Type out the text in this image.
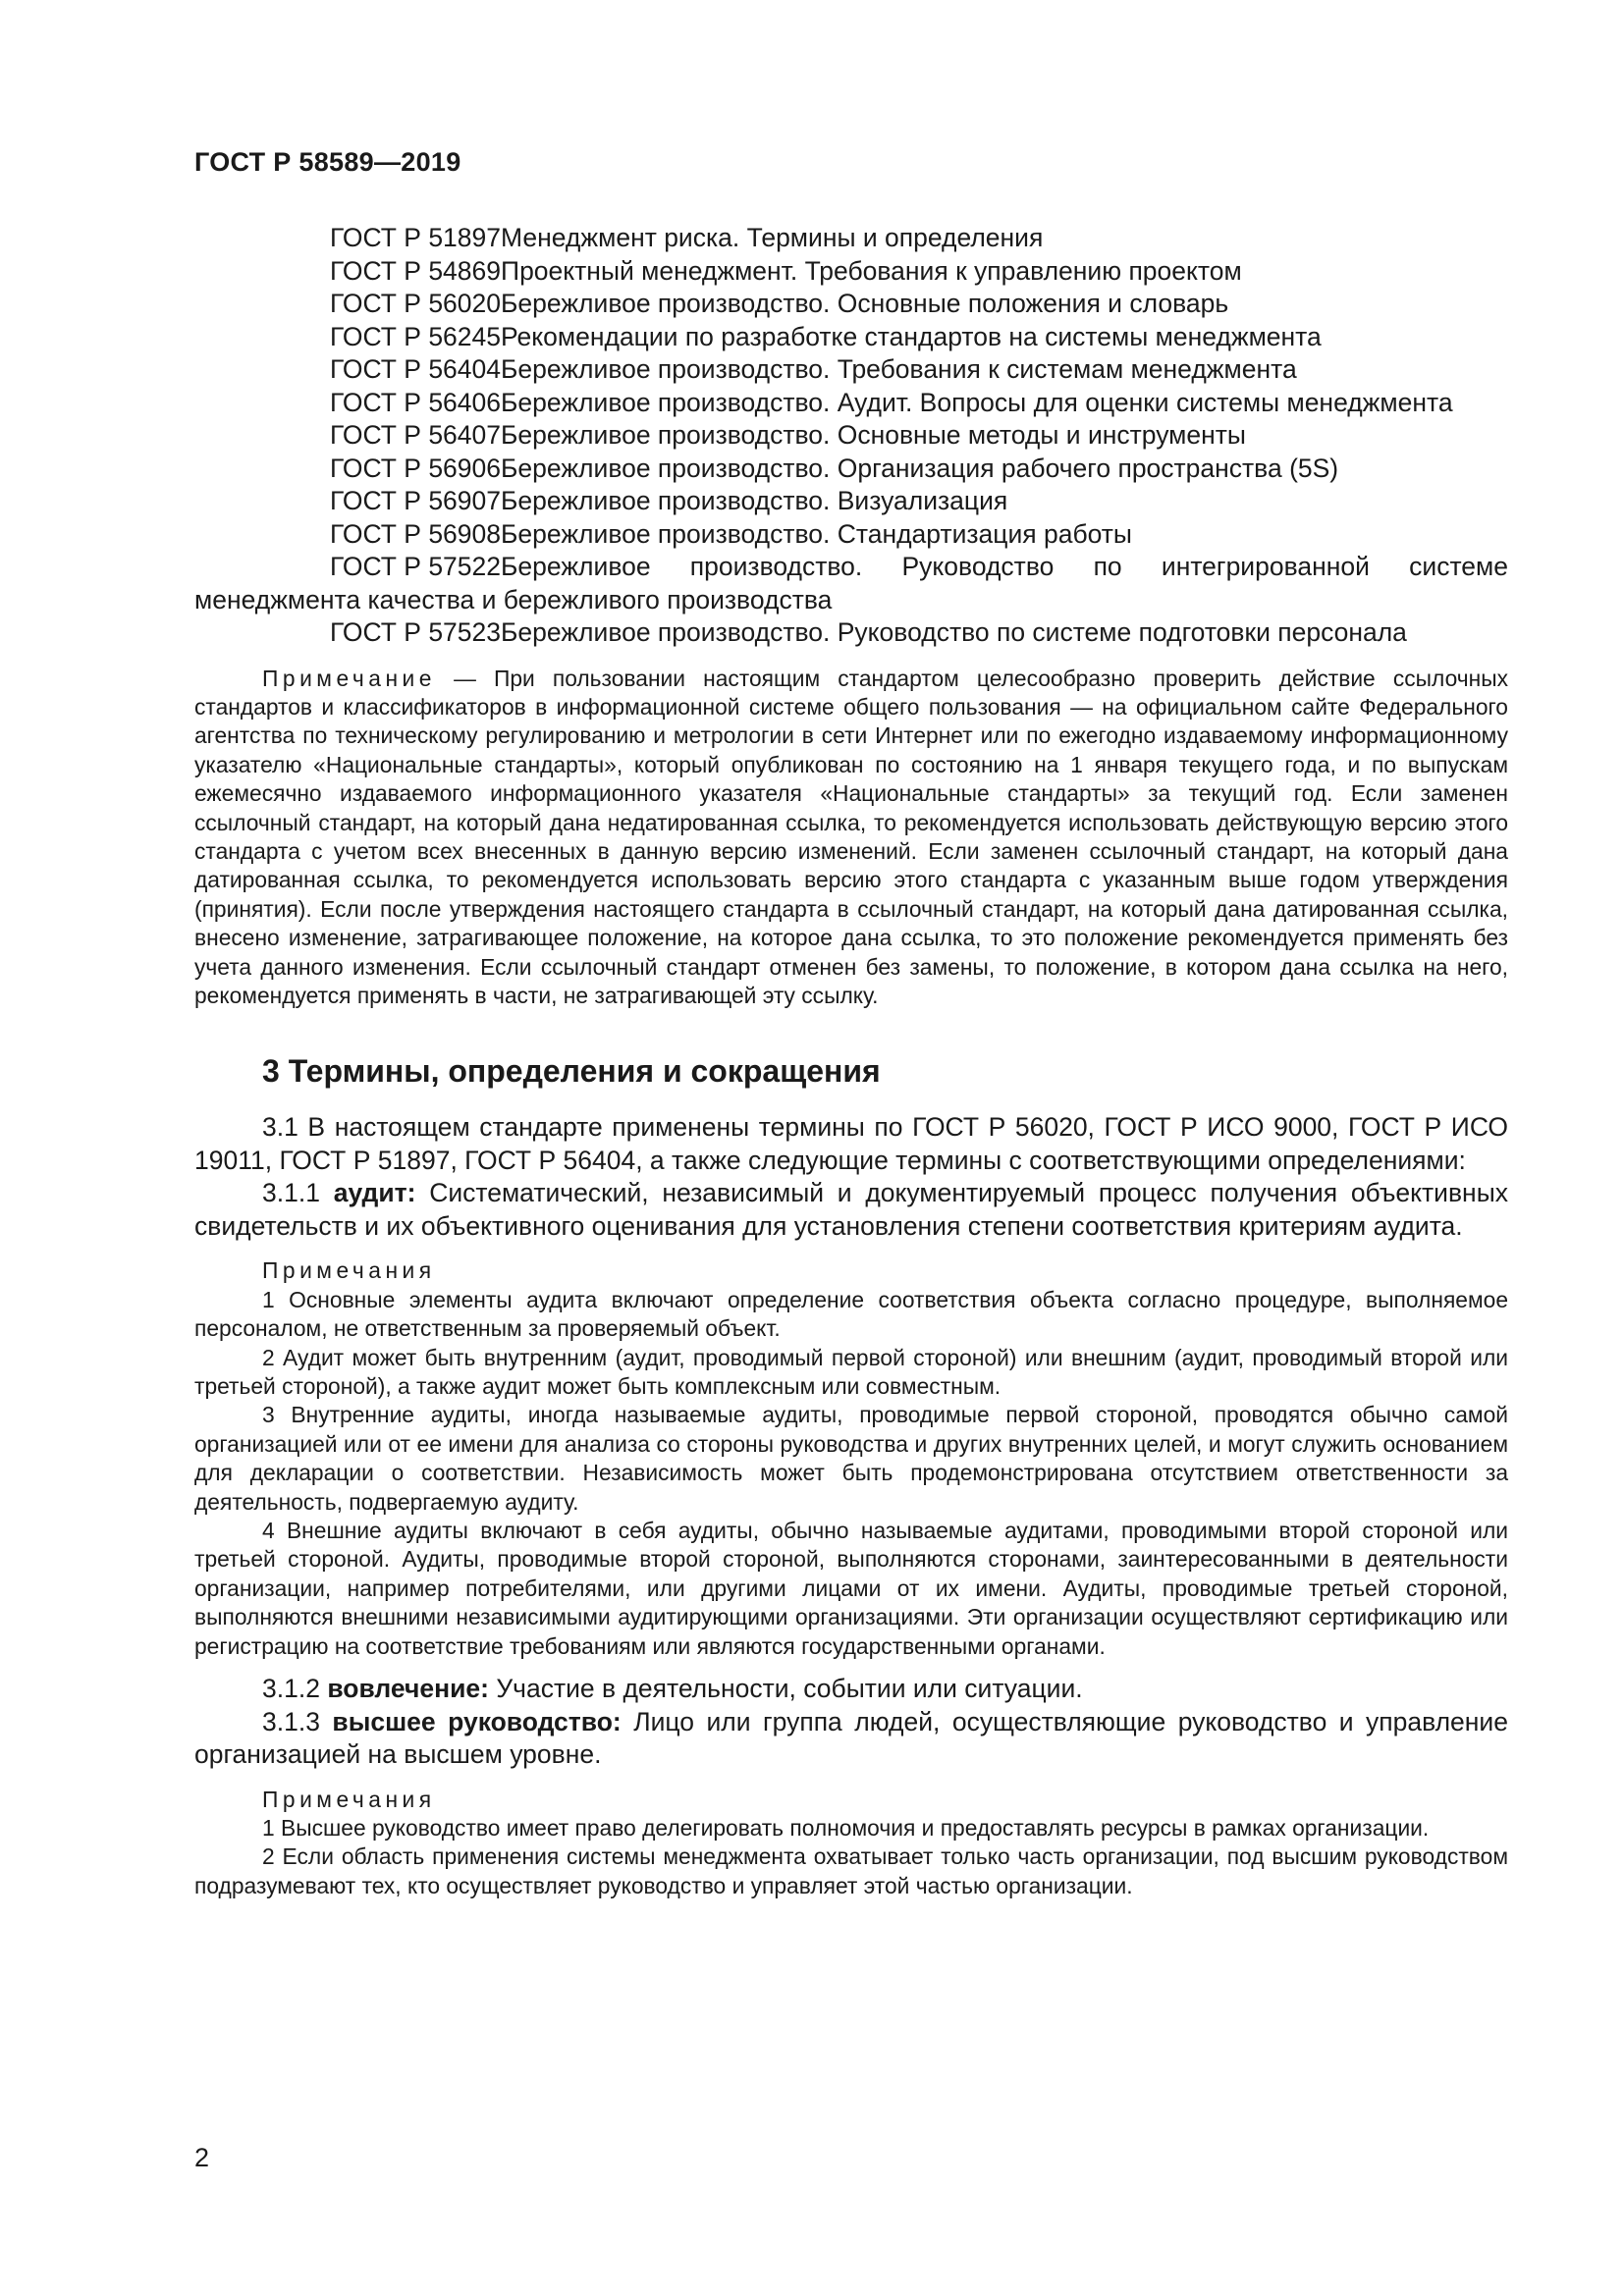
ГОСТ Р 58589—2019
ГОСТ Р 51897Менеджмент риска. Термины и определения
ГОСТ Р 54869Проектный менеджмент. Требования к управлению проектом
ГОСТ Р 56020Бережливое производство. Основные положения и словарь
ГОСТ Р 56245Рекомендации по разработке стандартов на системы менеджмента
ГОСТ Р 56404Бережливое производство. Требования к системам менеджмента
ГОСТ Р 56406Бережливое производство. Аудит. Вопросы для оценки системы менеджмента
ГОСТ Р 56407Бережливое производство. Основные методы и инструменты
ГОСТ Р 56906Бережливое производство. Организация рабочего пространства (5S)
ГОСТ Р 56907Бережливое производство. Визуализация
ГОСТ Р 56908Бережливое производство. Стандартизация работы
ГОСТ Р 57522Бережливое производство. Руководство по интегрированной системе менеджмента качества и бережливого производства
ГОСТ Р 57523Бережливое производство. Руководство по системе подготовки персонала
Примечание — При пользовании настоящим стандартом целесообразно проверить действие ссылочных стандартов и классификаторов в информационной системе общего пользования — на официальном сайте Федерального агентства по техническому регулированию и метрологии в сети Интернет или по ежегодно издаваемому информационному указателю «Национальные стандарты», который опубликован по состоянию на 1 января текущего года, и по выпускам ежемесячно издаваемого информационного указателя «Национальные стандарты» за текущий год. Если заменен ссылочный стандарт, на который дана недатированная ссылка, то рекомендуется использовать действующую версию этого стандарта с учетом всех внесенных в данную версию изменений. Если заменен ссылочный стандарт, на который дана датированная ссылка, то рекомендуется использовать версию этого стандарта с указанным выше годом утверждения (принятия). Если после утверждения настоящего стандарта в ссылочный стандарт, на который дана датированная ссылка, внесено изменение, затрагивающее положение, на которое дана ссылка, то это положение рекомендуется применять без учета данного изменения. Если ссылочный стандарт отменен без замены, то положение, в котором дана ссылка на него, рекомендуется применять в части, не затрагивающей эту ссылку.
3 Термины, определения и сокращения
3.1 В настоящем стандарте применены термины по ГОСТ Р 56020, ГОСТ Р ИСО 9000, ГОСТ Р ИСО 19011, ГОСТ Р 51897, ГОСТ Р 56404, а также следующие термины с соответствующими определениями:
3.1.1 аудит: Систематический, независимый и документируемый процесс получения объективных свидетельств и их объективного оценивания для установления степени соответствия критериям аудита.
Примечания
1 Основные элементы аудита включают определение соответствия объекта согласно процедуре, выполняемое персоналом, не ответственным за проверяемый объект.
2 Аудит может быть внутренним (аудит, проводимый первой стороной) или внешним (аудит, проводимый второй или третьей стороной), а также аудит может быть комплексным или совместным.
3 Внутренние аудиты, иногда называемые аудиты, проводимые первой стороной, проводятся обычно самой организацией или от ее имени для анализа со стороны руководства и других внутренних целей, и могут служить основанием для декларации о соответствии. Независимость может быть продемонстрирована отсутствием ответственности за деятельность, подвергаемую аудиту.
4 Внешние аудиты включают в себя аудиты, обычно называемые аудитами, проводимыми второй стороной или третьей стороной. Аудиты, проводимые второй стороной, выполняются сторонами, заинтересованными в деятельности организации, например потребителями, или другими лицами от их имени. Аудиты, проводимые третьей стороной, выполняются внешними независимыми аудитирующими организациями. Эти организации осуществляют сертификацию или регистрацию на соответствие требованиям или являются государственными органами.
3.1.2 вовлечение: Участие в деятельности, событии или ситуации.
3.1.3 высшее руководство: Лицо или группа людей, осуществляющие руководство и управление организацией на высшем уровне.
Примечания
1 Высшее руководство имеет право делегировать полномочия и предоставлять ресурсы в рамках организации.
2 Если область применения системы менеджмента охватывает только часть организации, под высшим руководством подразумевают тех, кто осуществляет руководство и управляет этой частью организации.
2
